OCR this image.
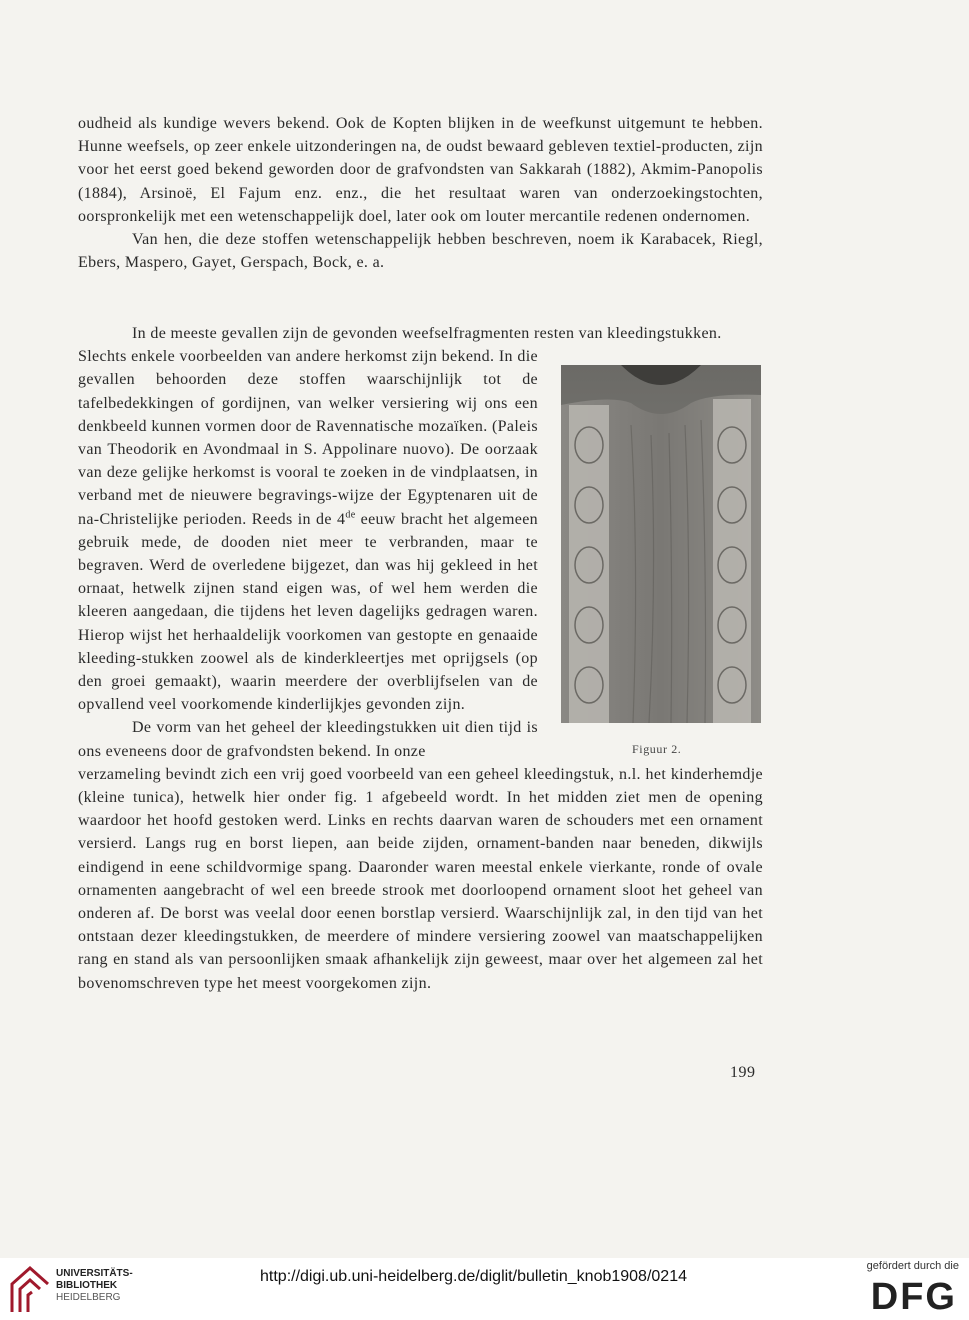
oudheid als kundige wevers bekend. Ook de Kopten blijken in de weefkunst uitgemunt te hebben. Hunne weefsels, op zeer enkele uitzonderingen na, de oudst bewaard gebleven textiel-producten, zijn voor het eerst goed bekend geworden door de grafvondsten van Sakkarah (1882), Akmim-Panopolis (1884), Arsinoë, El Fajum enz. enz., die het resultaat waren van onderzoekingstochten, oorspronkelijk met een wetenschappelijk doel, later ook om louter mercantile redenen ondernomen.

Van hen, die deze stoffen wetenschappelijk hebben beschreven, noem ik Karabacek, Riegl, Ebers, Maspero, Gayet, Gerspach, Bock, e. a.

In de meeste gevallen zijn de gevonden weefselfragmenten resten van kleedingstukken.

Slechts enkele voorbeelden van andere herkomst zijn bekend. In die gevallen behoorden deze stoffen waarschijnlijk tot de tafelbedekkingen of gordijnen, van welker versiering wij ons een denkbeeld kunnen vormen door de Ravennatische mozaïken. (Paleis van Theodorik en Avondmaal in S. Appolinare nuovo). De oorzaak van deze gelijke herkomst is vooral te zoeken in de vindplaatsen, in verband met de nieuwere begravings-wijze der Egyptenaren uit de na-Christelijke perioden. Reeds in de 4de eeuw bracht het algemeen gebruik mede, de dooden niet meer te verbranden, maar te begraven. Werd de overledene bijgezet, dan was hij gekleed in het ornaat, hetwelk zijnen stand eigen was, of wel hem werden die kleeren aangedaan, die tijdens het leven dagelijks gedragen waren. Hierop wijst het herhaaldelijk voorkomen van gestopte en genaaide kleeding-stukken zoowel als de kinderkleertjes met oprijgsels (op den groei gemaakt), waarin meerdere der overblijfselen van de opvallend veel voorkomende kinderlijkjes gevonden zijn.

De vorm van het geheel der kleedingstukken uit dien tijd is ons eveneens door de grafvondsten bekend. In onze

verzameling bevindt zich een vrij goed voorbeeld van een geheel kleedingstuk, n.l. het kinderhemdje (kleine tunica), hetwelk hier onder fig. 1 afgebeeld wordt. In het midden ziet men de opening waardoor het hoofd gestoken werd. Links en rechts daarvan waren de schouders met een ornament versierd. Langs rug en borst liepen, aan beide zijden, ornament-banden naar beneden, dikwijls eindigend in eene schildvormige spang. Daaronder waren meestal enkele vierkante, ronde of ovale ornamenten aangebracht of wel een breede strook met doorloopend ornament sloot het geheel van onderen af. De borst was veelal door eenen borstlap versierd. Waarschijnlijk zal, in den tijd van het ontstaan dezer kleedingstukken, de meerdere of mindere versiering zoowel van maatschappelijken rang en stand als van persoonlijken smaak afhankelijk zijn geweest, maar over het algemeen zal het bovenomschreven type het meest voorgekomen zijn.

Figuur 2.
199
UNIVERSITÄTS-
BIBLIOTHEK
HEIDELBERG
http://digi.ub.uni-heidelberg.de/diglit/bulletin_knob1908/0214
gefördert durch die
DFG
